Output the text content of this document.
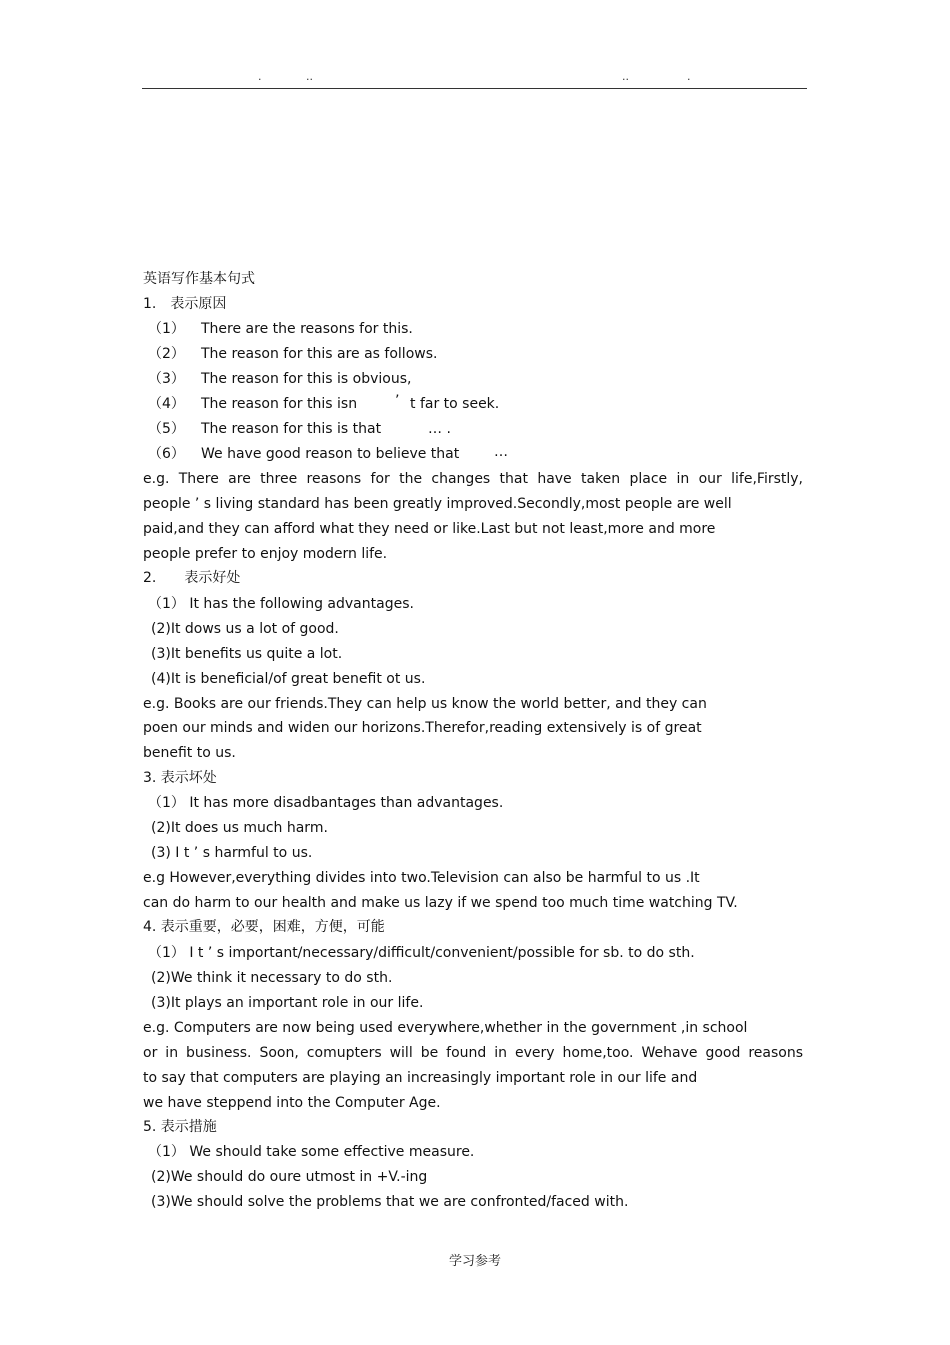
.	..	..	.
英语写作基本句式
1.　表示原因
（1） There are the reasons for this.
（2） The reason for this are as follows.
（3） The reason for this is obvious,
（4） The reason for this isn	’ t far to seek.
（5） The reason for this is that	… .
（6） We have good reason to believe that …
e.g. There are three reasons for the changes that have taken place in our life,Firstly,
people ’ s living standard has been greatly improved.Secondly,most people are well
paid,and they can afford what they need or like.Last but not least,more and more
people prefer to enjoy modern life.
2.　　表示好处
（1） It has the following advantages.
(2)It dows us a lot of good.
(3)It benefits us quite a lot.
(4)It is beneficial/of great benefit ot us.
e.g. Books are our friends.They can help us know the world better, and they can
poen our minds and widen our horizons.Therefor,reading extensively is of great
benefit to us.
3. 表示坏处
（1） It has more disadbantages than advantages.
(2)It does us much harm.
(3) I t ’ s harmful to us.
e.g However,everything divides into two.Television can also be harmful to us .It
can do harm to our health and make us lazy if we spend too much time watching TV.
4. 表示重要，必要，困难，方便，可能
（1） I t ’ s important/necessary/difficult/convenient/possible for sb. to do sth.
(2)We think it necessary to do sth.
(3)It plays an important role in our life.
e.g. Computers are now being used everywhere,whether in the government ,in school
or in business. Soon, comupters will be found in every home,too. Wehave good reasons
to say that computers are playing an increasingly important role in our life and
we have steppend into the Computer Age.
5. 表示措施
（1） We should take some effective measure.
(2)We should do oure utmost in +V.-ing
(3)We should solve the problems that we are confronted/faced with.
学习参考
